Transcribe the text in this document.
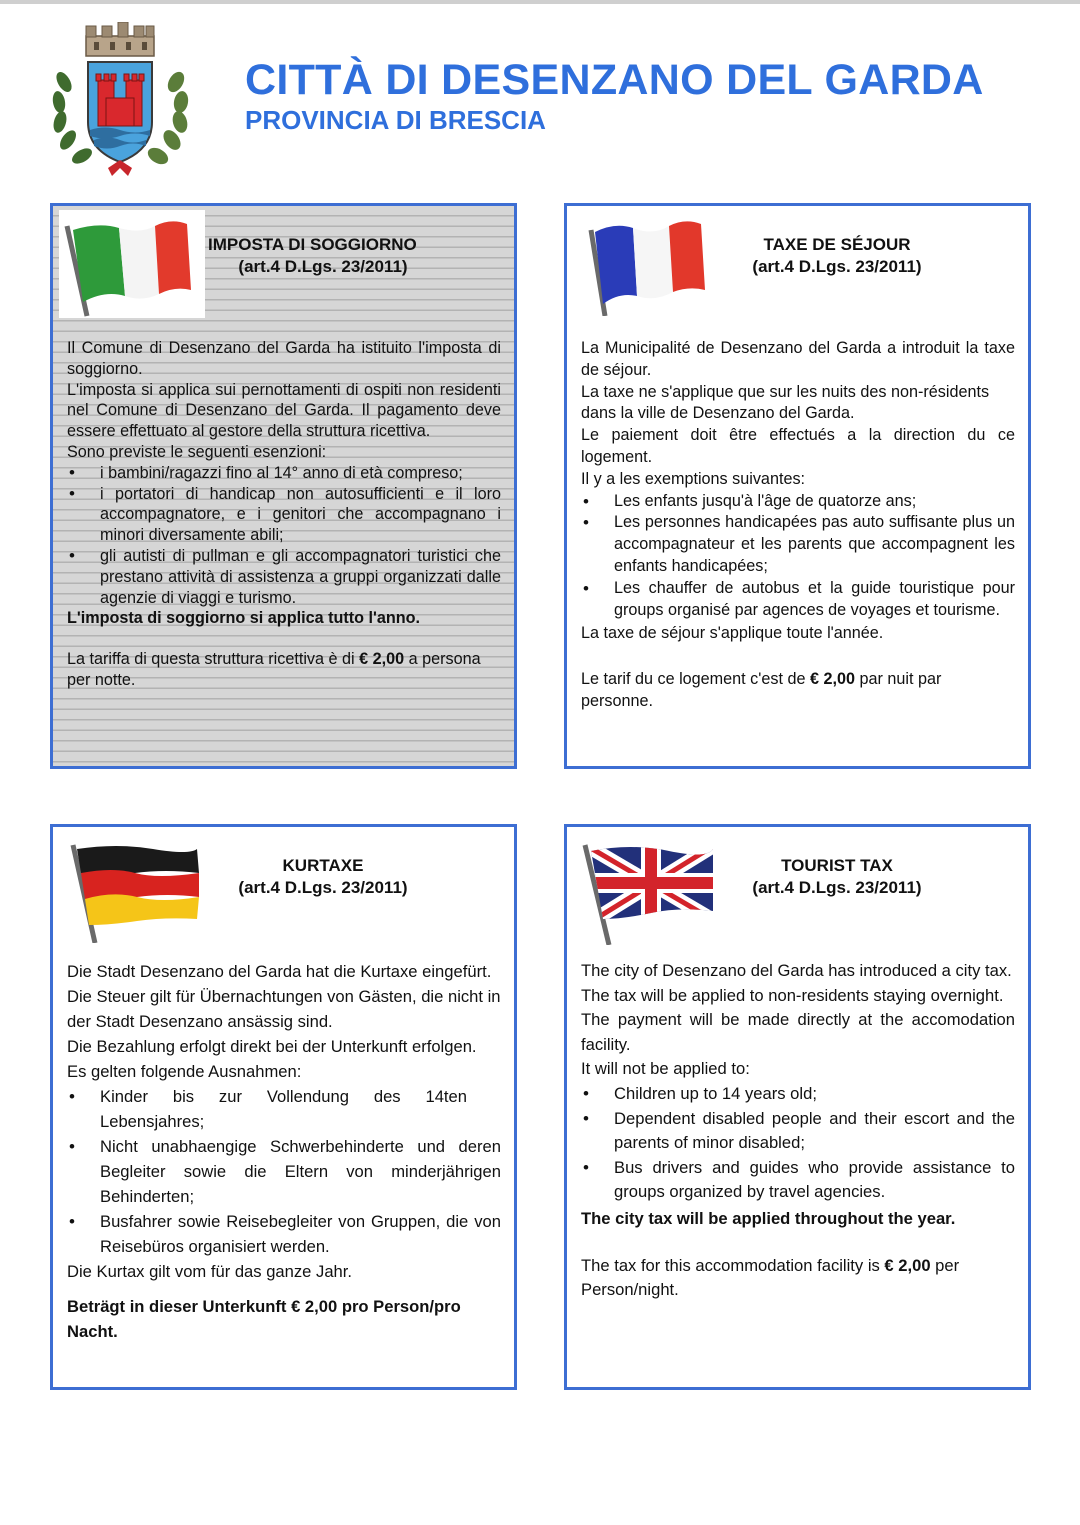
CITTÀ DI DESENZANO DEL GARDA
PROVINCIA DI BRESCIA
IMPOSTA DI SOGGIORNO
(art.4 D.Lgs. 23/2011)

Il Comune di Desenzano del Garda ha istituito l'imposta di soggiorno.

L'imposta si applica sui pernottamenti di ospiti non residenti nel Comune di Desenzano del Garda. Il pagamento deve essere effettuato al gestore della struttura ricettiva.

Sono previste le seguenti esenzioni:

• i bambini/ragazzi fino al 14° anno di età compreso;
• i portatori di handicap non autosufficienti e il loro accompagnatore, e i genitori che accompagnano i minori diversamente abili;
• gli autisti di pullman e gli accompagnatori turistici che prestano attività di assistenza a gruppi organizzati dalle agenzie di viaggi e turismo.

L'imposta di soggiorno si applica tutto l'anno.

La tariffa di questa struttura ricettiva è di € 2,00 a persona per notte.

TAXE DE SÉJOUR
(art.4 D.Lgs. 23/2011)

La Municipalité de Desenzano del Garda a introduit la taxe de séjour.

La taxe ne s'applique que sur les nuits des non-résidents dans la ville de Desenzano del Garda.

Le paiement doit être effectués a la direction du ce logement.

Il y a les exemptions suivantes:

• Les enfants jusqu'à l'âge de quatorze ans;
• Les personnes handicapées pas auto suffisante plus un accompagnateur et les parents que accompagnent les enfants handicapées;
• Les chauffer de autobus et la guide touristique pour groups organisé par agences de voyages et tourisme.

La taxe de séjour s'applique toute l'année.

Le tarif du ce logement c'est de € 2,00 par nuit par personne.

KURTAXE
(art.4 D.Lgs. 23/2011)

Die Stadt Desenzano del Garda hat die Kurtaxe eingefürt.

Die Steuer gilt für Übernachtungen von Gästen, die nicht in der Stadt Desenzano ansässig sind.

Die Bezahlung erfolgt direkt bei der Unterkunft erfolgen.

Es gelten folgende Ausnahmen:

• Kinder bis zur Vollendung des 14ten Lebensjahres;
• Nicht unabhaengige Schwerbehinderte und deren Begleiter sowie die Eltern von minderjährigen Behinderten;
• Busfahrer sowie Reisebegleiter von Gruppen, die von Reisebüros organisiert werden.

Die Kurtax gilt vom für das ganze Jahr.

Beträgt in dieser Unterkunft € 2,00 pro Person/pro Nacht.

TOURIST TAX
(art.4 D.Lgs. 23/2011)

The city of Desenzano del Garda has introduced a city tax.

The tax will be applied to non-residents staying overnight.

The payment will be made directly at the accomodation facility.

It will not be applied to:

• Children up to 14 years old;
• Dependent disabled people and their escort and the parents of minor disabled;
• Bus drivers and guides who provide assistance to groups organized by travel agencies.

The city tax will be applied throughout the year.

The tax for this accommodation facility is € 2,00 per Person/night.
